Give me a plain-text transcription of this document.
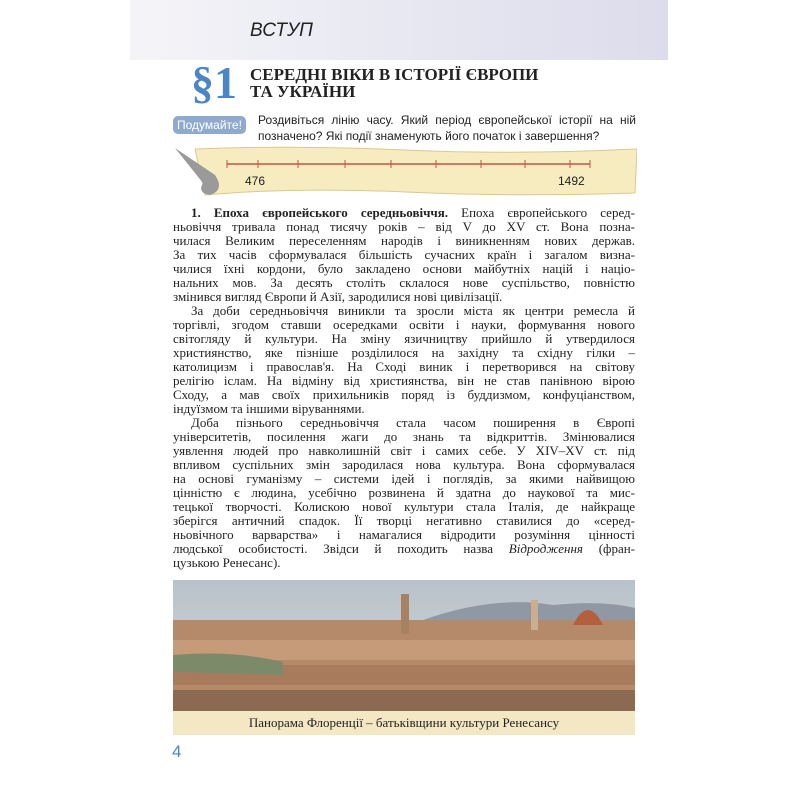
ВСТУП
§1 СЕРЕДНІ ВІКИ В ІСТОРІЇ ЄВРОПИ
ТА УКРАЇНИ
Подумайте!	Роздивіться лінію часу. Який період європейської історії на ній
позначено? Які події знаменують його початок і завершення?
476	1492
1. Епоха європейського середньовіччя. Епоха європейського серед-
ньовіччя тривала понад тисячу років – від V до XV ст. Вона позна-
чилася Великим переселенням народів і виникненням нових держав.
За тих часів сформувалася більшість сучасних країн і загалом визна-
чилися їхні кордони, було закладено основи майбутніх націй і націо-
нальних мов. За десять століть склалося нове суспільство, повністю
змінився вигляд Європи й Азії, зародилися нові цивілізації.
За доби середньовіччя виникли та зросли міста як центри ремесла й
торгівлі, згодом ставши осередками освіти і науки, формування нового
світогляду й культури. На зміну язичництву прийшло й утвердилося
християнство, яке пізніше розділилося на західну та східну гілки –
католицизм і православ'я. На Сході виник і перетворився на світову
релігію іслам. На відміну від християнства, він не став панівною вірою
Сходу, а мав своїх прихильників поряд із буддизмом, конфуціанством,
індуїзмом та іншими віруваннями.
Доба пізнього середньовіччя стала часом поширення в Європі
університетів, посилення жаги до знань та відкриттів. Змінювалися
уявлення людей про навколишній світ і самих себе. У XIV–XV ст. під
впливом суспільних змін зародилася нова культура. Вона сформувалася
на основі гуманізму – системи ідей і поглядів, за якими найвищою
цінністю є людина, усебічно розвинена й здатна до наукової та мис-
тецької творчості. Колискою нової культури стала Італія, де найкраще
зберігся античний спадок. Її творці негативно ставилися до «серед-
ньовічного варварства» і намагалися відродити розуміння цінності
людської особистості. Звідси й походить назва Відродження (фран-
цузькою Ренесанс).
Панорама Флоренції – батьківщини культури Ренесансу
4
